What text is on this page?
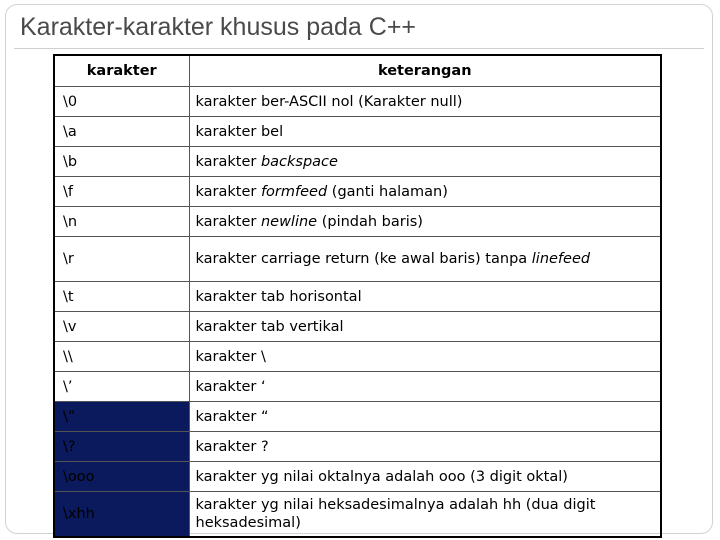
Karakter-karakter khusus pada C++
karakter	keterangan
\0	karakter ber-ASCII nol (Karakter null)
\a	karakter bel
\b	karakter backspace
\f	karakter formfeed (ganti halaman)
\n	karakter newline (pindah baris)
\r	karakter carriage return (ke awal baris) tanpa linefeed
\t	karakter tab horisontal
\v	karakter tab vertikal
\\	karakter \
\’	karakter ‘
\”	karakter “
\?	karakter ?
\ooo	karakter yg nilai oktalnya adalah ooo (3 digit oktal)
\xhh	karakter yg nilai heksadesimalnya adalah hh (dua digit heksadesimal)
